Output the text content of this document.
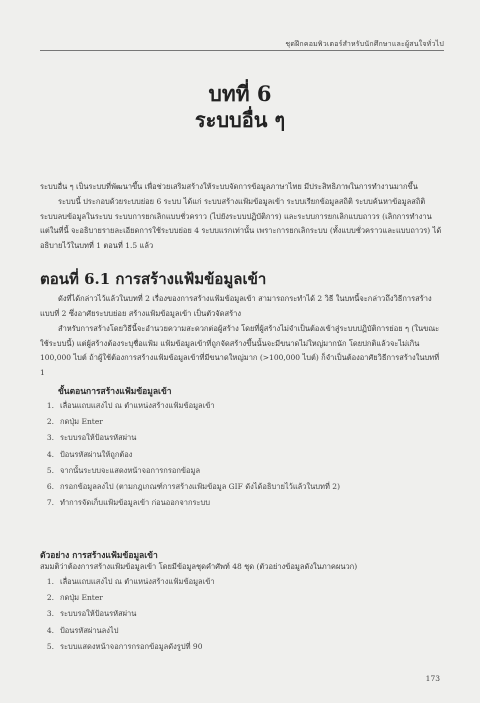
ชุดฝึกคอมพิวเตอร์สำหรับนักศึกษาและผู้สนใจทั่วไป
บทที่ 6
ระบบอื่น ๆ
ระบบอื่น ๆ เป็นระบบที่พัฒนาขึ้น เพื่อช่วยเสริมสร้างให้ระบบจัดการข้อมูลภาษาไทย มีประสิทธิภาพในการทำงานมากขึ้น
ระบบนี้ ประกอบด้วยระบบย่อย 6 ระบบ ได้แก่ ระบบสร้างแฟ้มข้อมูลเข้า ระบบเรียกข้อมูลสถิติ ระบบค้นหาข้อมูลสถิติ ระบบลบข้อมูลในระบบ ระบบการยกเลิกแบบชั่วคราว (ไปยังระบบปฏิบัติการ) และระบบการยกเลิกแบบถาวร (เลิกการทำงาน แต่ในที่นี้ จะอธิบายรายละเอียดการใช้ระบบย่อย 4 ระบบแรกเท่านั้น เพราะการยกเลิกระบบ (ทั้งแบบชั่วคราวและแบบถาวร) ได้อธิบายไว้ในบทที่ 1 ตอนที่ 1.5 แล้ว
ตอนที่ 6.1 การสร้างแฟ้มข้อมูลเข้า
ดังที่ได้กล่าวไว้แล้วในบทที่ 2 เรื่องของการสร้างแฟ้มข้อมูลเข้า สามารถกระทำได้ 2 วิธี ในบทนี้จะกล่าวถึงวิธีการสร้างแบบที่ 2 ซึ่งอาศัยระบบย่อย สร้างแฟ้มข้อมูลเข้า เป็นตัวจัดสร้าง
สำหรับการสร้างโดยวิธีนี้จะอำนวยความสะดวกต่อผู้สร้าง โดยที่ผู้สร้างไม่จำเป็นต้องเข้าสู่ระบบปฏิบัติการย่อย ๆ (ในขณะใช้ระบบนี้) แต่ผู้สร้างต้องระบุชื่อแฟ้ม แฟ้มข้อมูลเข้าที่ถูกจัดสร้างขึ้นนั้นจะมีขนาดไม่ใหญ่มากนัก โดยปกติแล้วจะไม่เกิน 100,000 ไบต์ ถ้าผู้ใช้ต้องการสร้างแฟ้มข้อมูลเข้าที่มีขนาดใหญ่มาก (>100,000 ไบต์) ก็จำเป็นต้องอาศัยวิธีการสร้างในบทที่ 1
ขั้นตอนการสร้างแฟ้มข้อมูลเข้า
1. เลื่อนแถบแสงไป ณ ตำแหน่งสร้างแฟ้มข้อมูลเข้า
2. กดปุ่ม Enter
3. ระบบรอให้ป้อนรหัสผ่าน
4. ป้อนรหัสผ่านให้ถูกต้อง
5. จากนั้นระบบจะแสดงหน้าจอการกรอกข้อมูล
6. กรอกข้อมูลลงไป (ตามกฎเกณฑ์การสร้างแฟ้มข้อมูล GIF ดังได้อธิบายไว้แล้วในบทที่ 2)
7. ทำการจัดเก็บแฟ้มข้อมูลเข้า ก่อนออกจากระบบ
ตัวอย่าง การสร้างแฟ้มข้อมูลเข้า
สมมติว่าต้องการสร้างแฟ้มข้อมูลเข้า โดยมีข้อมูลชุดคำศัพท์ 48 ชุด (ตัวอย่างข้อมูลดังในภาคผนวก)
1. เลื่อนแถบแสงไป ณ ตำแหน่งสร้างแฟ้มข้อมูลเข้า
2. กดปุ่ม Enter
3. ระบบรอให้ป้อนรหัสผ่าน
4. ป้อนรหัสผ่านลงไป
5. ระบบแสดงหน้าจอการกรอกข้อมูลดังรูปที่ 90
173
